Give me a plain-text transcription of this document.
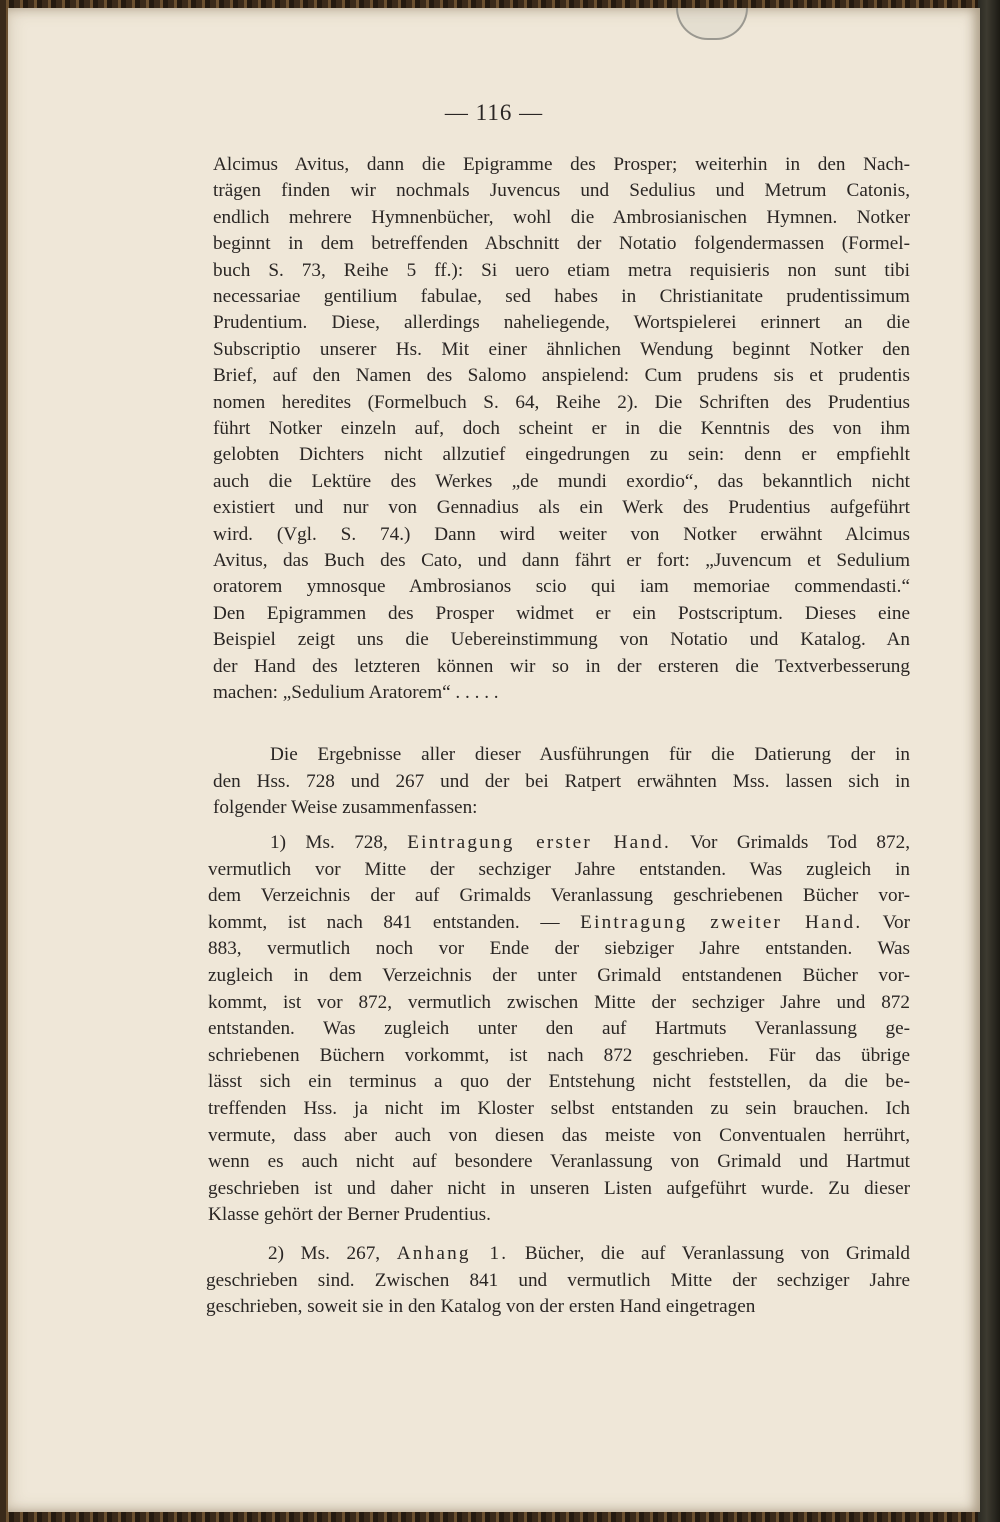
— 116 —
Alcimus Avitus, dann die Epigramme des Prosper; weiterhin in den Nach-
trägen finden wir nochmals Juvencus und Sedulius und Metrum Catonis,
endlich mehrere Hymnenbücher, wohl die Ambrosianischen Hymnen. Notker
beginnt in dem betreffenden Abschnitt der Notatio folgendermassen (Formel-
buch S. 73, Reihe 5 ff.): Si uero etiam metra requisieris non sunt tibi
necessariae gentilium fabulae, sed habes in Christianitate prudentissimum
Prudentium. Diese, allerdings naheliegende, Wortspielerei erinnert an die
Subscriptio unserer Hs. Mit einer ähnlichen Wendung beginnt Notker den
Brief, auf den Namen des Salomo anspielend: Cum prudens sis et prudentis
nomen heredites (Formelbuch S. 64, Reihe 2). Die Schriften des Prudentius
führt Notker einzeln auf, doch scheint er in die Kenntnis des von ihm
gelobten Dichters nicht allzutief eingedrungen zu sein: denn er empfiehlt
auch die Lektüre des Werkes „de mundi exordio“, das bekanntlich nicht
existiert und nur von Gennadius als ein Werk des Prudentius aufgeführt
wird. (Vgl. S. 74.) Dann wird weiter von Notker erwähnt Alcimus
Avitus, das Buch des Cato, und dann fährt er fort: „Juvencum et Sedulium
oratorem ymnosque Ambrosianos scio qui iam memoriae commendasti.“
Den Epigrammen des Prosper widmet er ein Postscriptum. Dieses eine
Beispiel zeigt uns die Uebereinstimmung von Notatio und Katalog. An
der Hand des letzteren können wir so in der ersteren die Textverbesserung
machen: „Sedulium Aratorem“ . . . . .
Die Ergebnisse aller dieser Ausführungen für die Datierung der in
den Hss. 728 und 267 und der bei Ratpert erwähnten Mss. lassen sich in
folgender Weise zusammenfassen:
1) Ms. 728, Eintragung erster Hand. Vor Grimalds Tod 872,
vermutlich vor Mitte der sechziger Jahre entstanden. Was zugleich in
dem Verzeichnis der auf Grimalds Veranlassung geschriebenen Bücher vor-
kommt, ist nach 841 entstanden. — Eintragung zweiter Hand. Vor
883, vermutlich noch vor Ende der siebziger Jahre entstanden. Was
zugleich in dem Verzeichnis der unter Grimald entstandenen Bücher vor-
kommt, ist vor 872, vermutlich zwischen Mitte der sechziger Jahre und 872
entstanden. Was zugleich unter den auf Hartmuts Veranlassung ge-
schriebenen Büchern vorkommt, ist nach 872 geschrieben. Für das übrige
lässt sich ein terminus a quo der Entstehung nicht feststellen, da die be-
treffenden Hss. ja nicht im Kloster selbst entstanden zu sein brauchen. Ich
vermute, dass aber auch von diesen das meiste von Conventualen herrührt,
wenn es auch nicht auf besondere Veranlassung von Grimald und Hartmut
geschrieben ist und daher nicht in unseren Listen aufgeführt wurde. Zu dieser
Klasse gehört der Berner Prudentius.
2) Ms. 267, Anhang 1. Bücher, die auf Veranlassung von Grimald
geschrieben sind. Zwischen 841 und vermutlich Mitte der sechziger Jahre
geschrieben, soweit sie in den Katalog von der ersten Hand eingetragen
